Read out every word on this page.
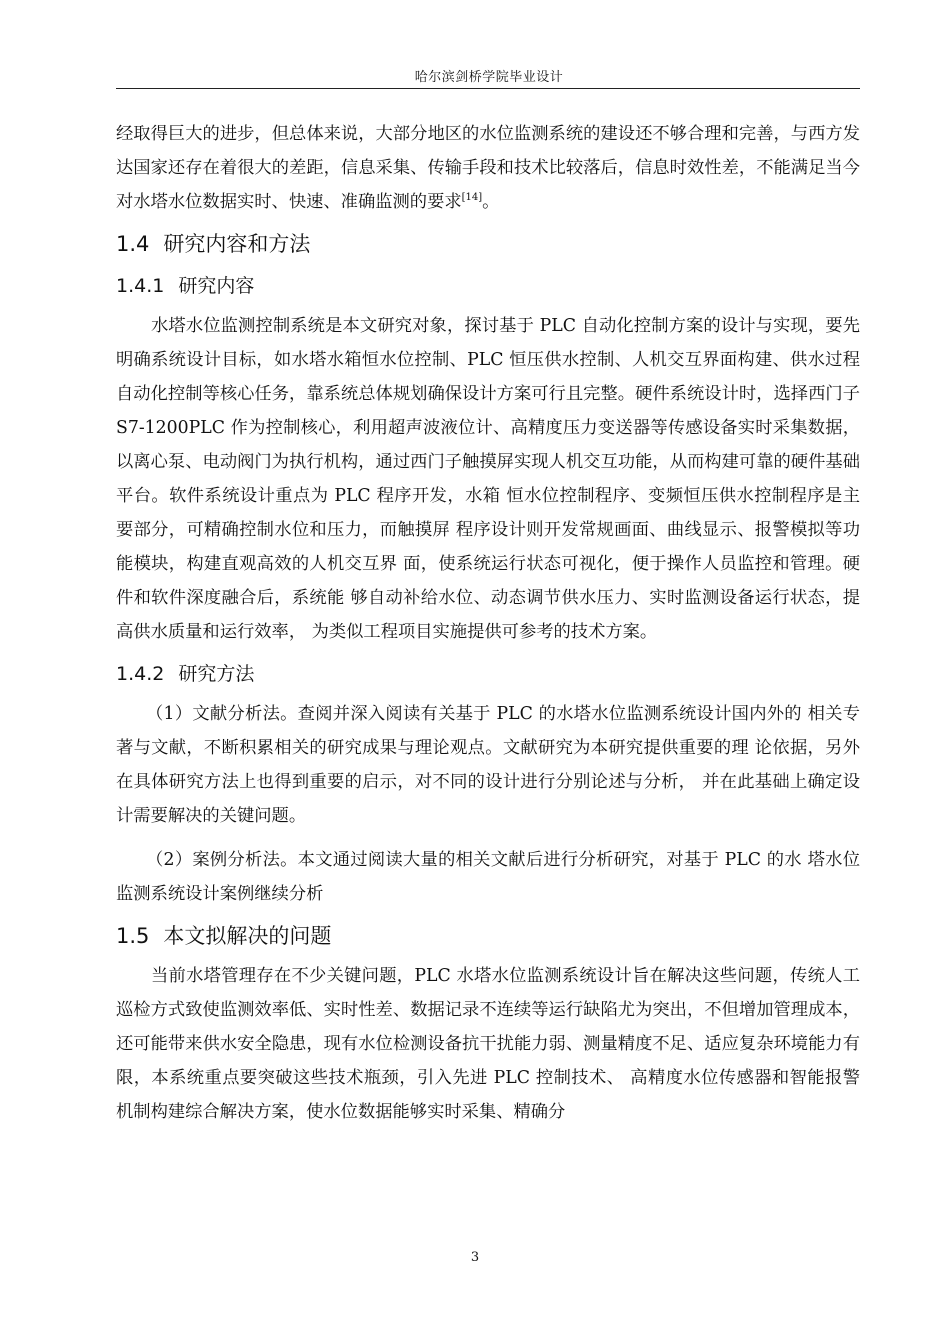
哈尔滨剑桥学院毕业设计

经取得巨大的进步，但总体来说，大部分地区的水位监测系统的建设还不够合理和完善，与西方发达国家还存在着很大的差距，信息采集、传输手段和技术比较落后，信息时效性差，不能满足当今对水塔水位数据实时、快速、准确监测的要求[14]。

1.4 研究内容和方法
1.4.1 研究内容

水塔水位监测控制系统是本文研究对象，探讨基于 PLC 自动化控制方案的设计与实现，要先明确系统设计目标，如水塔水箱恒水位控制、PLC 恒压供水控制、人机交互界面构建、供水过程自动化控制等核心任务，靠系统总体规划确保设计方案可行且完整。硬件系统设计时，选择西门子 S7-1200PLC 作为控制核心，利用超声波液位计、高精度压力变送器等传感设备实时采集数据，以离心泵、电动阀门为执行机构，通过西门子触摸屏实现人机交互功能，从而构建可靠的硬件基础平台。软件系统设计重点为 PLC 程序开发，水箱 恒水位控制程序、变频恒压供水控制程序是主要部分，可精确控制水位和压力，而触摸屏 程序设计则开发常规画面、曲线显示、报警模拟等功能模块，构建直观高效的人机交互界 面，使系统运行状态可视化，便于操作人员监控和管理。硬件和软件深度融合后，系统能 够自动补给水位、动态调节供水压力、实时监测设备运行状态，提高供水质量和运行效率， 为类似工程项目实施提供可参考的技术方案。

1.4.2 研究方法

（1）文献分析法。查阅并深入阅读有关基于 PLC 的水塔水位监测系统设计国内外的 相关专著与文献，不断积累相关的研究成果与理论观点。文献研究为本研究提供重要的理 论依据，另外在具体研究方法上也得到重要的启示，对不同的设计进行分别论述与分析， 并在此基础上确定设计需要解决的关键问题。

（2）案例分析法。本文通过阅读大量的相关文献后进行分析研究，对基于 PLC 的水 塔水位监测系统设计案例继续分析

1.5 本文拟解决的问题

当前水塔管理存在不少关键问题，PLC 水塔水位监测系统设计旨在解决这些问题，传统人工巡检方式致使监测效率低、实时性差、数据记录不连续等运行缺陷尤为突出，不但增加管理成本，还可能带来供水安全隐患，现有水位检测设备抗干扰能力弱、测量精度不足、适应复杂环境能力有限，本系统重点要突破这些技术瓶颈，引入先进 PLC 控制技术、 高精度水位传感器和智能报警机制构建综合解决方案，使水位数据能够实时采集、精确分

3
